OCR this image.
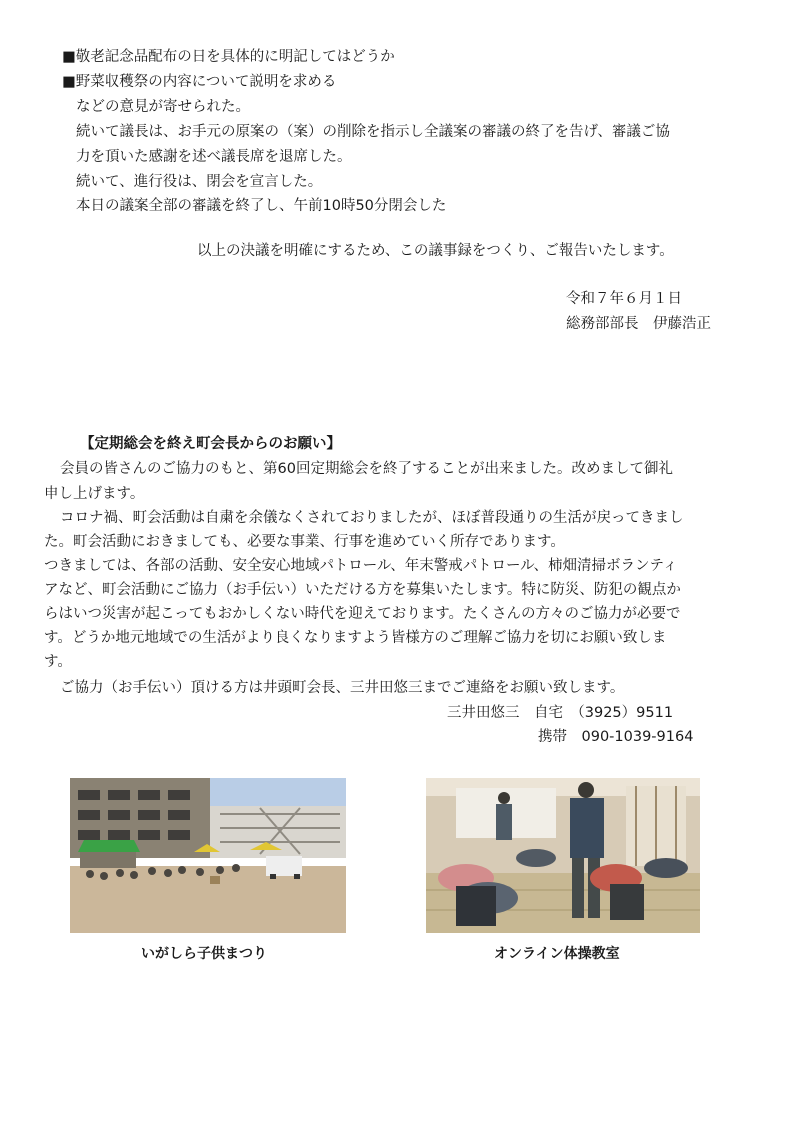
■敬老記念品配布の日を具体的に明記してはどうか
■野菜収穫祭の内容について説明を求める
などの意見が寄せられた。
続いて議長は、お手元の原案の（案）の削除を指示し全議案の審議の終了を告げ、審議ご協
力を頂いた感謝を述べ議長席を退席した。
続いて、進行役は、閉会を宣言した。
本日の議案全部の審議を終了し、午前10時50分閉会した
以上の決議を明確にするため、この議事録をつくり、ご報告いたします。
令和７年６月１日
総務部部長　伊藤浩正
【定期総会を終え町会長からのお願い】
会員の皆さんのご協力のもと、第60回定期総会を終了することが出来ました。改めまして御礼
申し上げます。
コロナ禍、町会活動は自粛を余儀なくされておりましたが、ほぼ普段通りの生活が戻ってきまし
た。町会活動におきましても、必要な事業、行事を進めていく所存であります。
つきましては、各部の活動、安全安心地域パトロール、年末警戒パトロール、柿畑清掃ボランティ
アなど、町会活動にご協力（お手伝い）いただける方を募集いたします。特に防災、防犯の観点か
らはいつ災害が起こってもおかしくない時代を迎えております。たくさんの方々のご協力が必要で
す。どうか地元地域での生活がより良くなりますよう皆様方のご理解ご協力を切にお願い致しま
す。
ご協力（お手伝い）頂ける方は井頭町会長、三井田悠三までご連絡をお願い致します。
三井田悠三　自宅　（3925）9511
携帯　090-1039-9164
いがしら子供まつり	オンライン体操教室
